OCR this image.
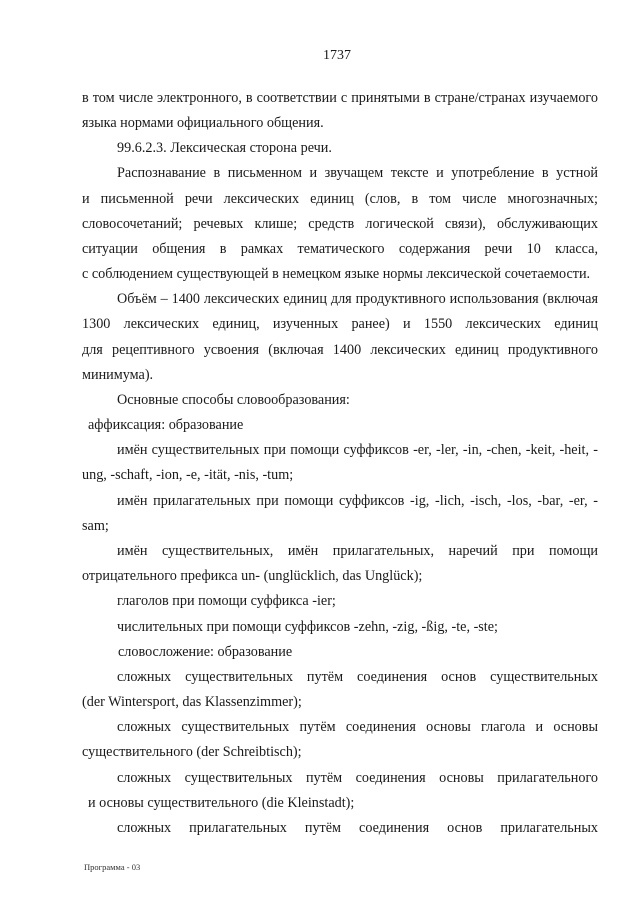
1737
в том числе электронного, в соответствии с принятыми в стране/странах изучаемого
языка нормами официального общения.
99.6.2.3. Лексическая сторона речи.
Распознавание в письменном и звучащем тексте и употребление в устной
и письменной речи лексических единиц (слов, в том числе многозначных;
словосочетаний; речевых клише; средств логической связи), обслуживающих
ситуации общения в рамках тематического содержания речи 10 класса,
с соблюдением существующей в немецком языке нормы лексической сочетаемости.
Объём – 1400 лексических единиц для продуктивного использования (включая
1300 лексических единиц, изученных ранее) и 1550 лексических единиц
для рецептивного усвоения (включая 1400 лексических единиц продуктивного
минимума).
Основные способы словообразования:
аффиксация: образование
имён существительных при помощи суффиксов -er, -ler, -in, -chen, -keit, -heit, -
ung, -schaft, -ion, -e, -ität, -nis, -tum;
имён прилагательных при помощи суффиксов -ig, -lich, -isch, -los, -bar, -er, -
sam;
имён существительных, имён прилагательных, наречий при помощи
отрицательного префикса un- (unglücklich, das Unglück);
глаголов при помощи суффикса -ier;
числительных при помощи суффиксов -zehn, -zig, -ßig, -te, -ste;
словосложение: образование
сложных существительных путём соединения основ существительных
(der Wintersport, das Klassenzimmer);
сложных существительных путём соединения основы глагола и основы
существительного (der Schreibtisch);
сложных существительных путём соединения основы прилагательного
и основы существительного (die Kleinstadt);
сложных прилагательных путём соединения основ прилагательных
Программа - 03
